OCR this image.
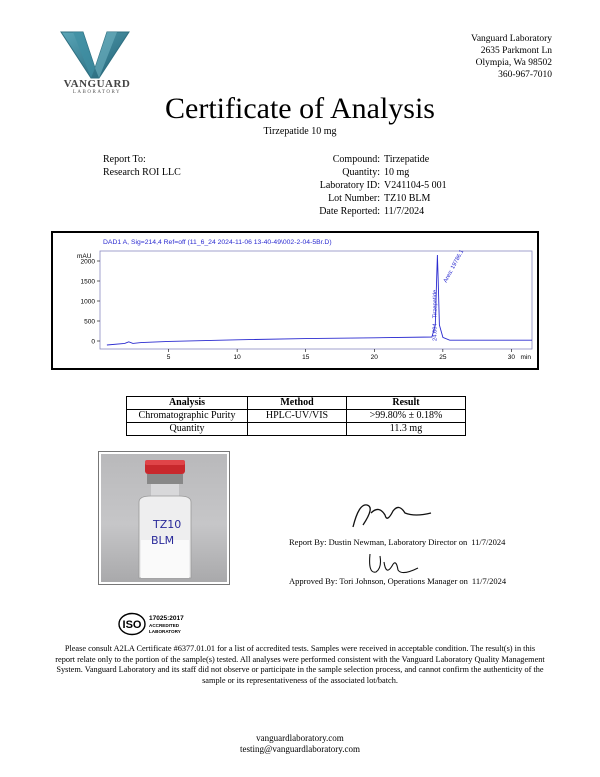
VANGUARD
LABORATORY
Vanguard Laboratory
2635 Parkmont Ln
Olympia, Wa 98502
360-967-7010
Certificate of Analysis
Tirzepatide 10 mg
Report To:
Research ROI LLC
Compound: Tirzepatide
Quantity: 10 mg
Laboratory ID: V241104-5 001
Lot Number: TZ10 BLM
Date Reported: 11/7/2024
DAD1 A, Sig=214,4 Ref=off (11_6_24 2024-11-06 13-40-49\002-2-04-5Br.D)
mAU
0
500
1000
1500
2000
5	10	15	20	25	30 min
24.604 - Tirzepatide
Area: 19786.1
Analysis	Method	Result
Chromatographic Purity	HPLC-UV/VIS	>99.80% ± 0.18%
Quantity		11.3 mg
TZ10
BLM	Report By: Dustin Newman, Laboratory Director on 11/7/2024
Approved By: Tori Johnson, Operations Manager on 11/7/2024
ISO
17025:2017
ACCREDITED
LABORATORY
Please consult A2LA Certificate #6377.01.01 for a list of accredited tests. Samples were received in acceptable condition. The result(s) in this report relate only to the portion of the sample(s) tested. All analyses were performed consistent with the Vanguard Laboratory Quality Management System. Vanguard Laboratory and its staff did not observe or participate in the sample selection process, and cannot confirm the authenticity of the sample or its representativeness of the associated lot/batch.
vanguardlaboratory.com
testing@vanguardlaboratory.com
